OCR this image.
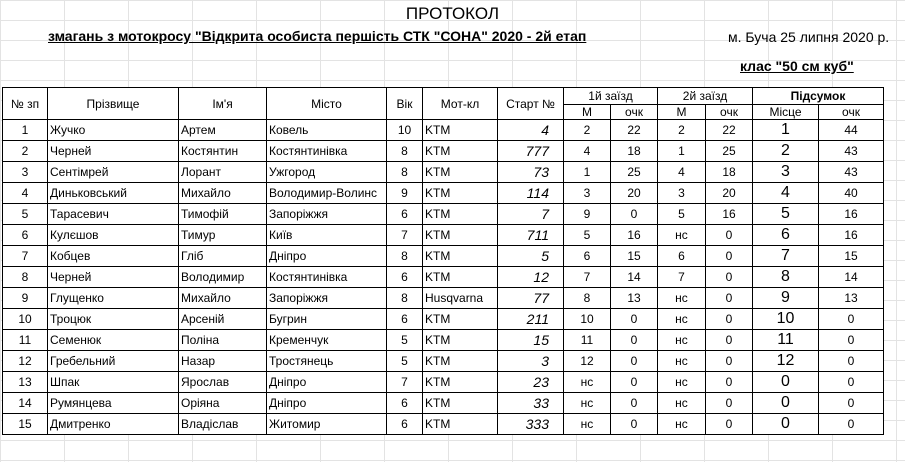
ПРОТОКОЛ
змагань з мотокросу "Відкрита особиста першість СТК "СОНА" 2020 - 2й етап	м. Буча 25 липня 2020 р.
клас "50 см куб"
№ зп	Прізвище	Ім'я	Місто	Вік	Мот-кл	Старт №	1й заїзд		2й заїзд		Підсумок	
							М	очк	М	очк	Місце	очк
1	Жучко	Артем	Ковель	10	KTM	4	2	22	2	22	1	44
2	Черней	Костянтин	Костянтинівка	8	KTM	777	4	18	1	25	2	43
3	Сентімрей	Лорант	Ужгород	8	KTM	73	1	25	4	18	3	43
4	Диньковський	Михайло	Володимир-Волинс	9	KTM	114	3	20	3	20	4	40
5	Тарасевич	Тимофій	Запоріжжя	6	KTM	7	9	0	5	16	5	16
6	Кулєшов	Тимур	Київ	7	KTM	711	5	16	нс	0	6	16
7	Кобцев	Гліб	Дніпро	8	KTM	5	6	15	6	0	7	15
8	Черней	Володимир	Костянтинівка	6	KTM	12	7	14	7	0	8	14
9	Глущенко	Михайло	Запоріжжя	8	Husqvarna	77	8	13	нс	0	9	13
10	Троцюк	Арсеній	Бугрин	6	KTM	211	10	0	нс	0	10	0
11	Семенюк	Поліна	Кременчук	5	KTM	15	11	0	нс	0	11	0
12	Гребельний	Назар	Тростянець	5	KTM	3	12	0	нс	0	12	0
13	Шпак	Ярослав	Дніпро	7	KTM	23	нс	0	нс	0	0	0
14	Румянцева	Оріяна	Дніпро	6	KTM	33	нс	0	нс	0	0	0
15	Дмитренко	Владіслав	Житомир	6	KTM	333	нс	0	нс	0	0	0
